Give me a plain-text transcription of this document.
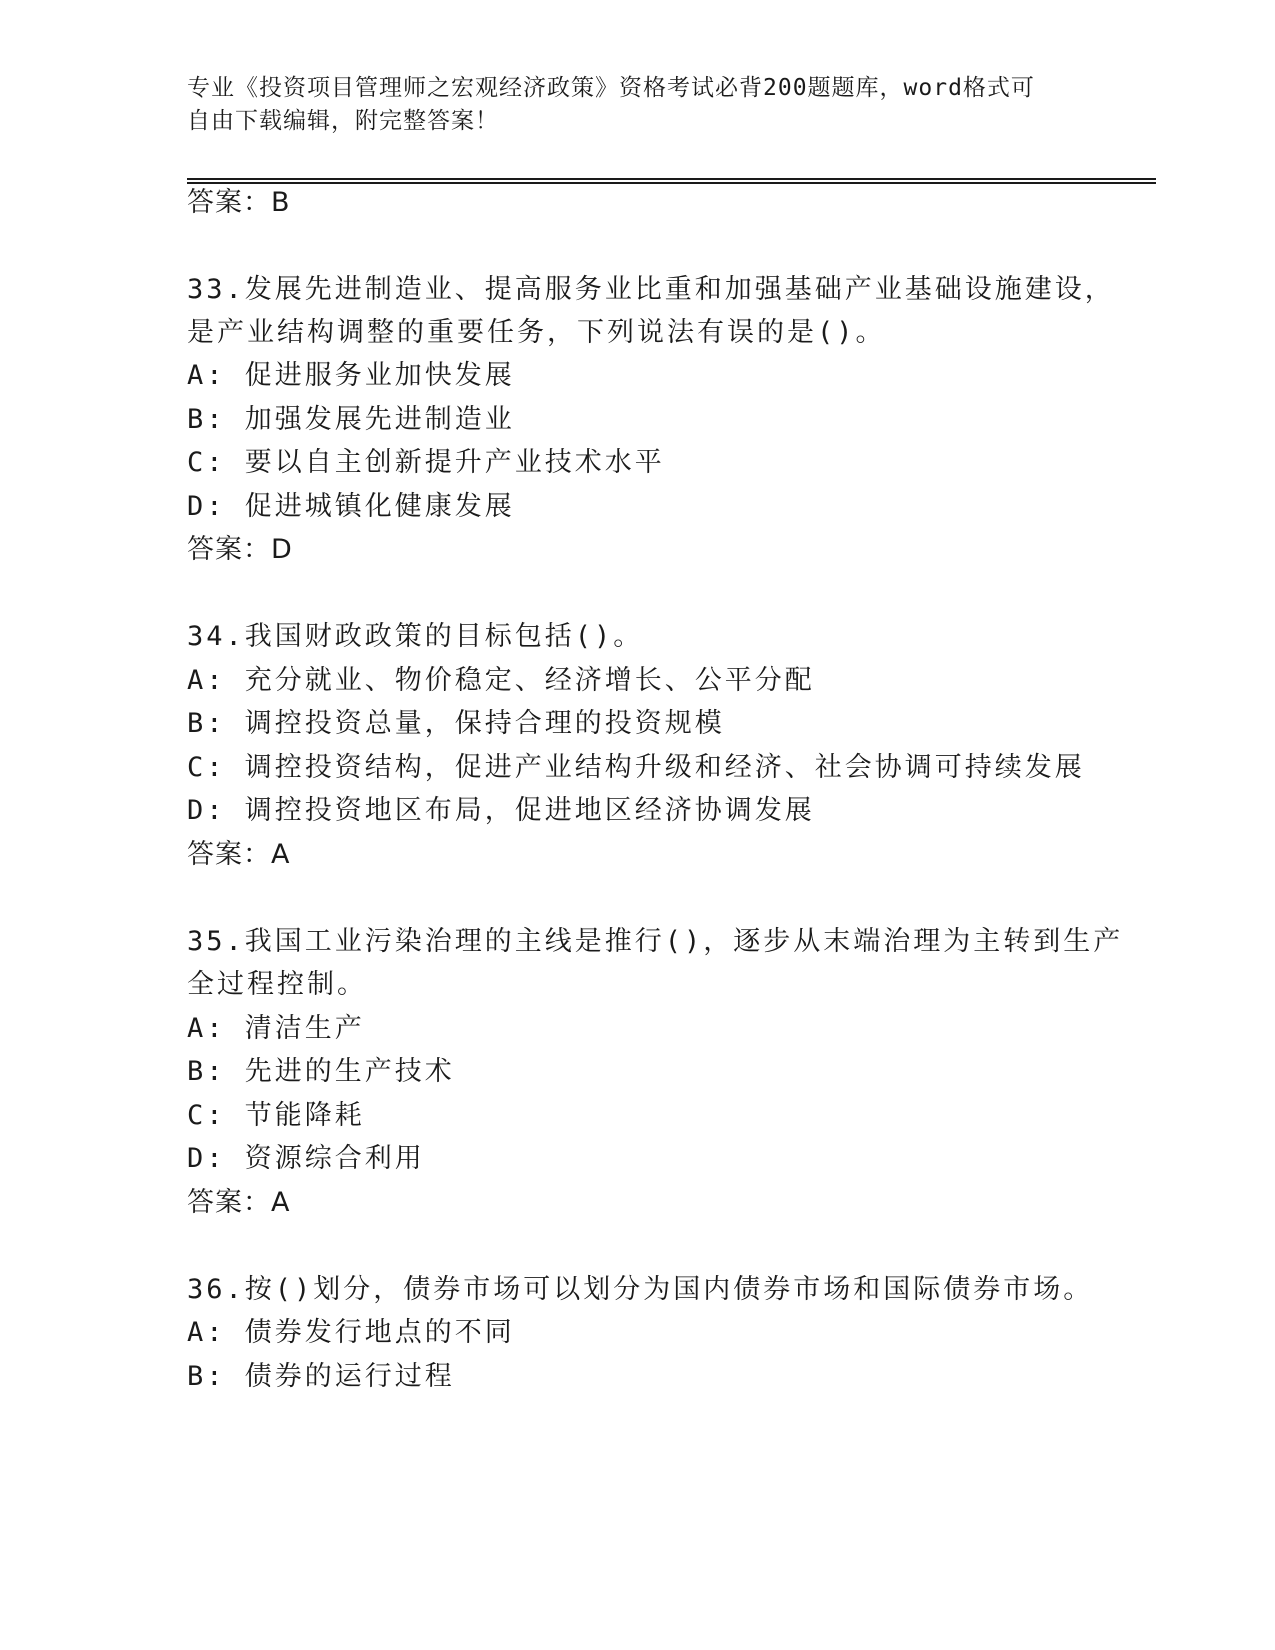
专业《投资项目管理师之宏观经济政策》资格考试必背200题题库，word格式可
自由下载编辑，附完整答案！
答案：B
33.发展先进制造业、提高服务业比重和加强基础产业基础设施建设，
是产业结构调整的重要任务，下列说法有误的是()。
A: 促进服务业加快发展
B: 加强发展先进制造业
C: 要以自主创新提升产业技术水平
D: 促进城镇化健康发展
答案：D
34.我国财政政策的目标包括()。
A: 充分就业、物价稳定、经济增长、公平分配
B: 调控投资总量，保持合理的投资规模
C: 调控投资结构，促进产业结构升级和经济、社会协调可持续发展
D: 调控投资地区布局，促进地区经济协调发展
答案：A
35.我国工业污染治理的主线是推行()，逐步从末端治理为主转到生产
全过程控制。
A: 清洁生产
B: 先进的生产技术
C: 节能降耗
D: 资源综合利用
答案：A
36.按()划分，债券市场可以划分为国内债券市场和国际债券市场。
A: 债券发行地点的不同
B: 债券的运行过程
